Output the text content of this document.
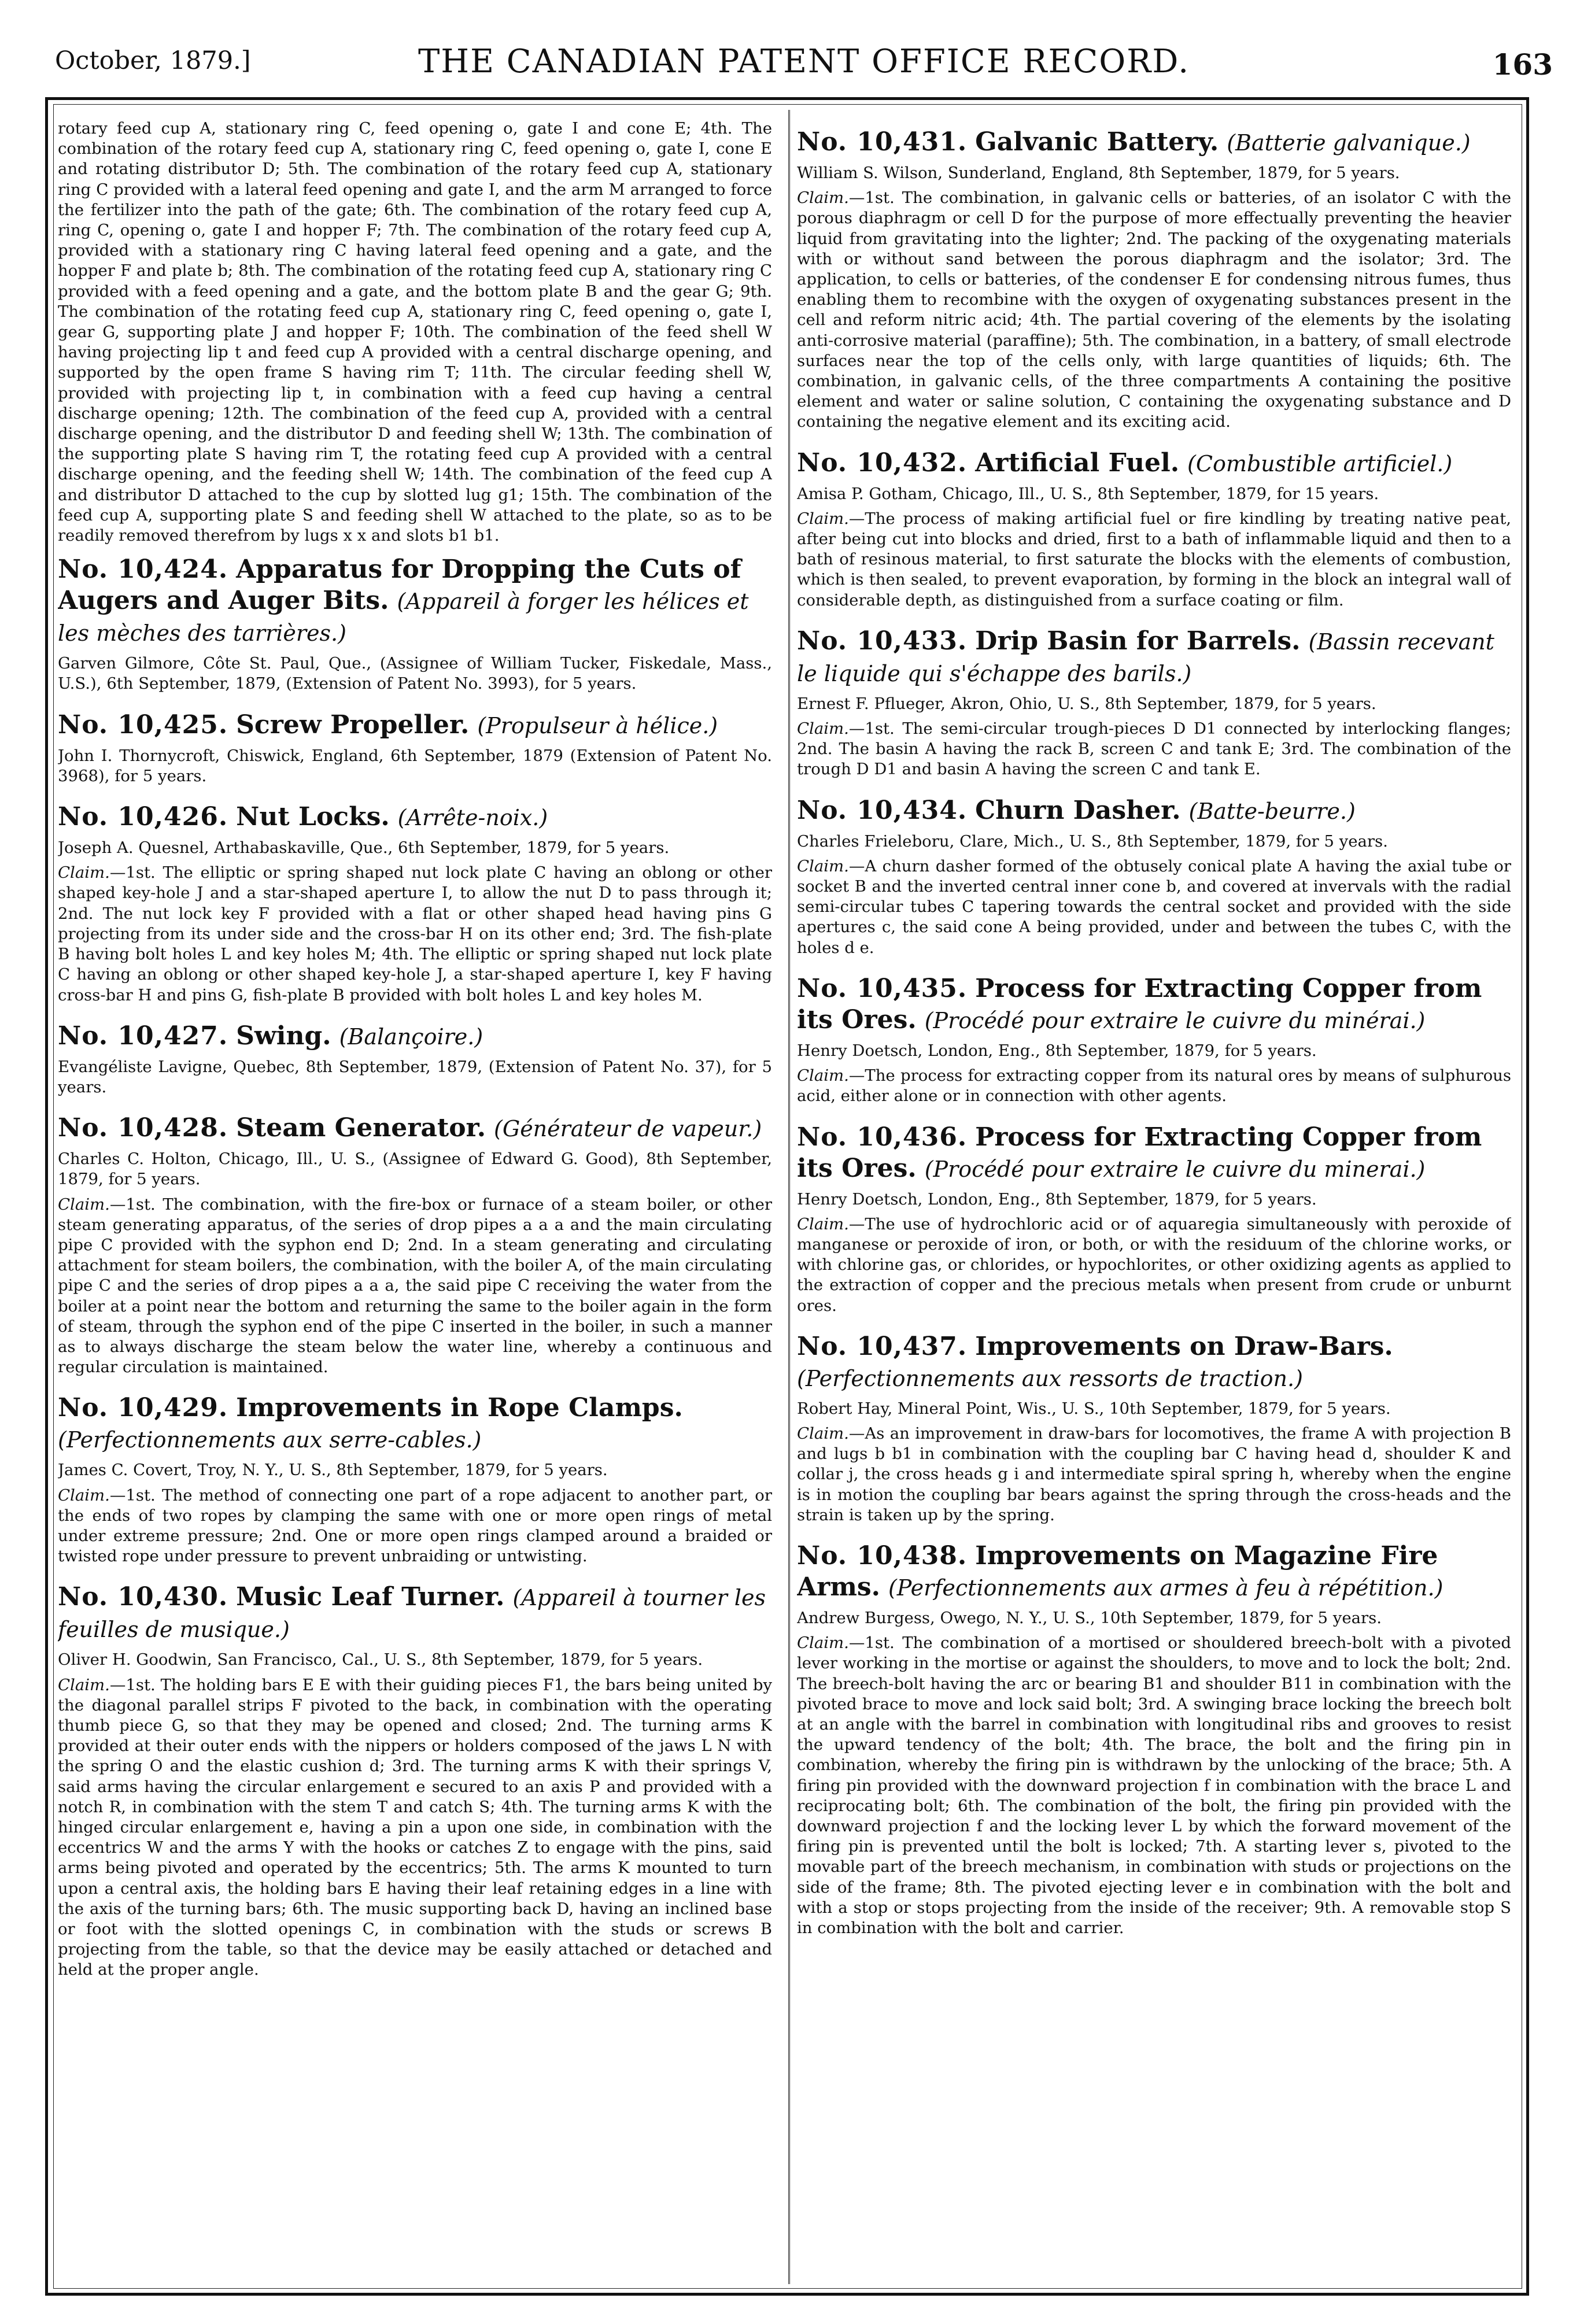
October, 1879.]	THE CANADIAN PATENT OFFICE RECORD.	163

rotary feed cup A, stationary ring C, feed opening o, gate I and cone E; 4th. The combination of the rotary feed cup A, stationary ring C, feed opening o, gate I, cone E and rotating distributor D; 5th. The combination of the rotary feed cup A, stationary ring C provided with a lateral feed opening and gate I, and the arm M arranged to force the fertilizer into the path of the gate; 6th. The combination of the rotary feed cup A, ring C, opening o, gate I and hopper F; 7th. The combination of the rotary feed cup A, provided with a stationary ring C having lateral feed opening and a gate, and the hopper F and plate b; 8th. The combination of the rotating feed cup A, stationary ring C provided with a feed opening and a gate, and the bottom plate B and the gear G; 9th. The combination of the rotating feed cup A, stationary ring C, feed opening o, gate I, gear G, supporting plate J and hopper F; 10th. The combination of the feed shell W having projecting lip t and feed cup A provided with a central discharge opening, and supported by the open frame S having rim T; 11th. The circular feeding shell W, provided with projecting lip t, in combination with a feed cup having a central discharge opening; 12th. The combination of the feed cup A, provided with a central discharge opening, and the distributor D and feeding shell W; 13th. The combination of the supporting plate S having rim T, the rotating feed cup A provided with a central discharge opening, and the feeding shell W; 14th. The combination of the feed cup A and distributor D attached to the cup by slotted lug g1; 15th. The combination of the feed cup A, supporting plate S and feeding shell W attached to the plate, so as to be readily removed therefrom by lugs x x and slots b1 b1.

No. 10,424. Apparatus for Dropping the Cuts of Augers and Auger Bits. (Appareil à forger les hélices et les mèches des tarrières.)

Garven Gilmore, Côte St. Paul, Que., (Assignee of William Tucker, Fiskedale, Mass., U.S.), 6th September, 1879, (Extension of Patent No. 3993), for 5 years.

No. 10,425. Screw Propeller. (Propulseur à hélice.)

John I. Thornycroft, Chiswick, England, 6th September, 1879 (Extension of Patent No. 3968), for 5 years.

No. 10,426. Nut Locks. (Arrête-noix.)

Joseph A. Quesnel, Arthabaskaville, Que., 6th September, 1879, for 5 years.

Claim.—1st. The elliptic or spring shaped nut lock plate C having an oblong or other shaped key-hole J and a star-shaped aperture I, to allow the nut D to pass through it; 2nd. The nut lock key F provided with a flat or other shaped head having pins G projecting from its under side and the cross-bar H on its other end; 3rd. The fish-plate B having bolt holes L and key holes M; 4th. The elliptic or spring shaped nut lock plate C having an oblong or other shaped key-hole J, a star-shaped aperture I, key F having cross-bar H and pins G, fish-plate B provided with bolt holes L and key holes M.

No. 10,427. Swing. (Balançoire.)

Evangéliste Lavigne, Quebec, 8th September, 1879, (Extension of Patent No. 37), for 5 years.

No. 10,428. Steam Generator. (Générateur de vapeur.)

Charles C. Holton, Chicago, Ill., U. S., (Assignee of Edward G. Good), 8th September, 1879, for 5 years.

Claim.—1st. The combination, with the fire-box or furnace of a steam boiler, or other steam generating apparatus, of the series of drop pipes a a a and the main circulating pipe C provided with the syphon end D; 2nd. In a steam generating and circulating attachment for steam boilers, the combination, with the boiler A, of the main circulating pipe C and the series of drop pipes a a a, the said pipe C receiving the water from the boiler at a point near the bottom and returning the same to the boiler again in the form of steam, through the syphon end of the pipe C inserted in the boiler, in such a manner as to always discharge the steam below the water line, whereby a continuous and regular circulation is maintained.

No. 10,429. Improvements in Rope Clamps. (Perfectionnements aux serre-cables.)

James C. Covert, Troy, N. Y., U. S., 8th September, 1879, for 5 years.

Claim.—1st. The method of connecting one part of a rope adjacent to another part, or the ends of two ropes by clamping the same with one or more open rings of metal under extreme pressure; 2nd. One or more open rings clamped around a braided or twisted rope under pressure to prevent unbraiding or untwisting.

No. 10,430. Music Leaf Turner. (Appareil à tourner les feuilles de musique.)

Oliver H. Goodwin, San Francisco, Cal., U. S., 8th September, 1879, for 5 years.

Claim.—1st. The holding bars E E with their guiding pieces F1, the bars being united by the diagonal parallel strips F pivoted to the back, in combination with the operating thumb piece G, so that they may be opened and closed; 2nd. The turning arms K provided at their outer ends with the nippers or holders composed of the jaws L N with the spring O and the elastic cushion d; 3rd. The turning arms K with their springs V, said arms having the circular enlargement e secured to an axis P and provided with a notch R, in combination with the stem T and catch S; 4th. The turning arms K with the hinged circular enlargement e, having a pin a upon one side, in combination with the eccentrics W and the arms Y with the hooks or catches Z to engage with the pins, said arms being pivoted and operated by the eccentrics; 5th. The arms K mounted to turn upon a central axis, the holding bars E having their leaf retaining edges in a line with the axis of the turning bars; 6th. The music supporting back D, having an inclined base or foot with the slotted openings C, in combination with the studs or screws B projecting from the table, so that the device may be easily attached or detached and held at the proper angle.

No. 10,431. Galvanic Battery. (Batterie galvanique.)

William S. Wilson, Sunderland, England, 8th September, 1879, for 5 years.

Claim.—1st. The combination, in galvanic cells or batteries, of an isolator C with the porous diaphragm or cell D for the purpose of more effectually preventing the heavier liquid from gravitating into the lighter; 2nd. The packing of the oxygenating materials with or without sand between the porous diaphragm and the isolator; 3rd. The application, to cells or batteries, of the condenser E for condensing nitrous fumes, thus enabling them to recombine with the oxygen of oxygenating substances present in the cell and reform nitric acid; 4th. The partial covering of the elements by the isolating anti-corrosive material (paraffine); 5th. The combination, in a battery, of small electrode surfaces near the top of the cells only, with large quantities of liquids; 6th. The combination, in galvanic cells, of the three compartments A containing the positive element and water or saline solution, C containing the oxygenating substance and D containing the negative element and its exciting acid.

No. 10,432. Artificial Fuel. (Combustible artificiel.)

Amisa P. Gotham, Chicago, Ill., U. S., 8th September, 1879, for 15 years.

Claim.—The process of making artificial fuel or fire kindling by treating native peat, after being cut into blocks and dried, first to a bath of inflammable liquid and then to a bath of resinous material, to first saturate the blocks with the elements of combustion, which is then sealed, to prevent evaporation, by forming in the block an integral wall of considerable depth, as distinguished from a surface coating or film.

No. 10,433. Drip Basin for Barrels. (Bassin recevant le liquide qui s'échappe des barils.)

Ernest F. Pflueger, Akron, Ohio, U. S., 8th September, 1879, for 5 years.

Claim.—1st. The semi-circular trough-pieces D D1 connected by interlocking flanges; 2nd. The basin A having the rack B, screen C and tank E; 3rd. The combination of the trough D D1 and basin A having the screen C and tank E.

No. 10,434. Churn Dasher. (Batte-beurre.)

Charles Frieleboru, Clare, Mich., U. S., 8th September, 1879, for 5 years.

Claim.—A churn dasher formed of the obtusely conical plate A having the axial tube or socket B and the inverted central inner cone b, and covered at invervals with the radial semi-circular tubes C tapering towards the central socket and provided with the side apertures c, the said cone A being provided, under and between the tubes C, with the holes d e.

No. 10,435. Process for Extracting Copper from its Ores. (Procédé pour extraire le cuivre du minérai.)

Henry Doetsch, London, Eng., 8th September, 1879, for 5 years.

Claim.—The process for extracting copper from its natural ores by means of sulphurous acid, either alone or in connection with other agents.

No. 10,436. Process for Extracting Copper from its Ores. (Procédé pour extraire le cuivre du minerai.)

Henry Doetsch, London, Eng., 8th September, 1879, for 5 years.

Claim.—The use of hydrochloric acid or of aquaregia simultaneously with peroxide of manganese or peroxide of iron, or both, or with the residuum of the chlorine works, or with chlorine gas, or chlorides, or hypochlorites, or other oxidizing agents as applied to the extraction of copper and the precious metals when present from crude or unburnt ores.

No. 10,437. Improvements on Draw-Bars. (Perfectionnements aux ressorts de traction.)

Robert Hay, Mineral Point, Wis., U. S., 10th September, 1879, for 5 years.

Claim.—As an improvement in draw-bars for locomotives, the frame A with projection B and lugs b b1 in combination with the coupling bar C having head d, shoulder K and collar j, the cross heads g i and intermediate spiral spring h, whereby when the engine is in motion the coupling bar bears against the spring through the cross-heads and the strain is taken up by the spring.

No. 10,438. Improvements on Magazine Fire Arms. (Perfectionnements aux armes à feu à répétition.)

Andrew Burgess, Owego, N. Y., U. S., 10th September, 1879, for 5 years.

Claim.—1st. The combination of a mortised or shouldered breech-bolt with a pivoted lever working in the mortise or against the shoulders, to move and to lock the bolt; 2nd. The breech-bolt having the arc or bearing B1 and shoulder B11 in combination with the pivoted brace to move and lock said bolt; 3rd. A swinging brace locking the breech bolt at an angle with the barrel in combination with longitudinal ribs and grooves to resist the upward tendency of the bolt; 4th. The brace, the bolt and the firing pin in combination, whereby the firing pin is withdrawn by the unlocking of the brace; 5th. A firing pin provided with the downward projection f in combination with the brace L and reciprocating bolt; 6th. The combination of the bolt, the firing pin provided with the downward projection f and the locking lever L by which the forward movement of the firing pin is prevented until the bolt is locked; 7th. A starting lever s, pivoted to the movable part of the breech mechanism, in combination with studs or projections on the side of the frame; 8th. The pivoted ejecting lever e in combination with the bolt and with a stop or stops projecting from the inside of the receiver; 9th. A removable stop S in combination with the bolt and carrier.
